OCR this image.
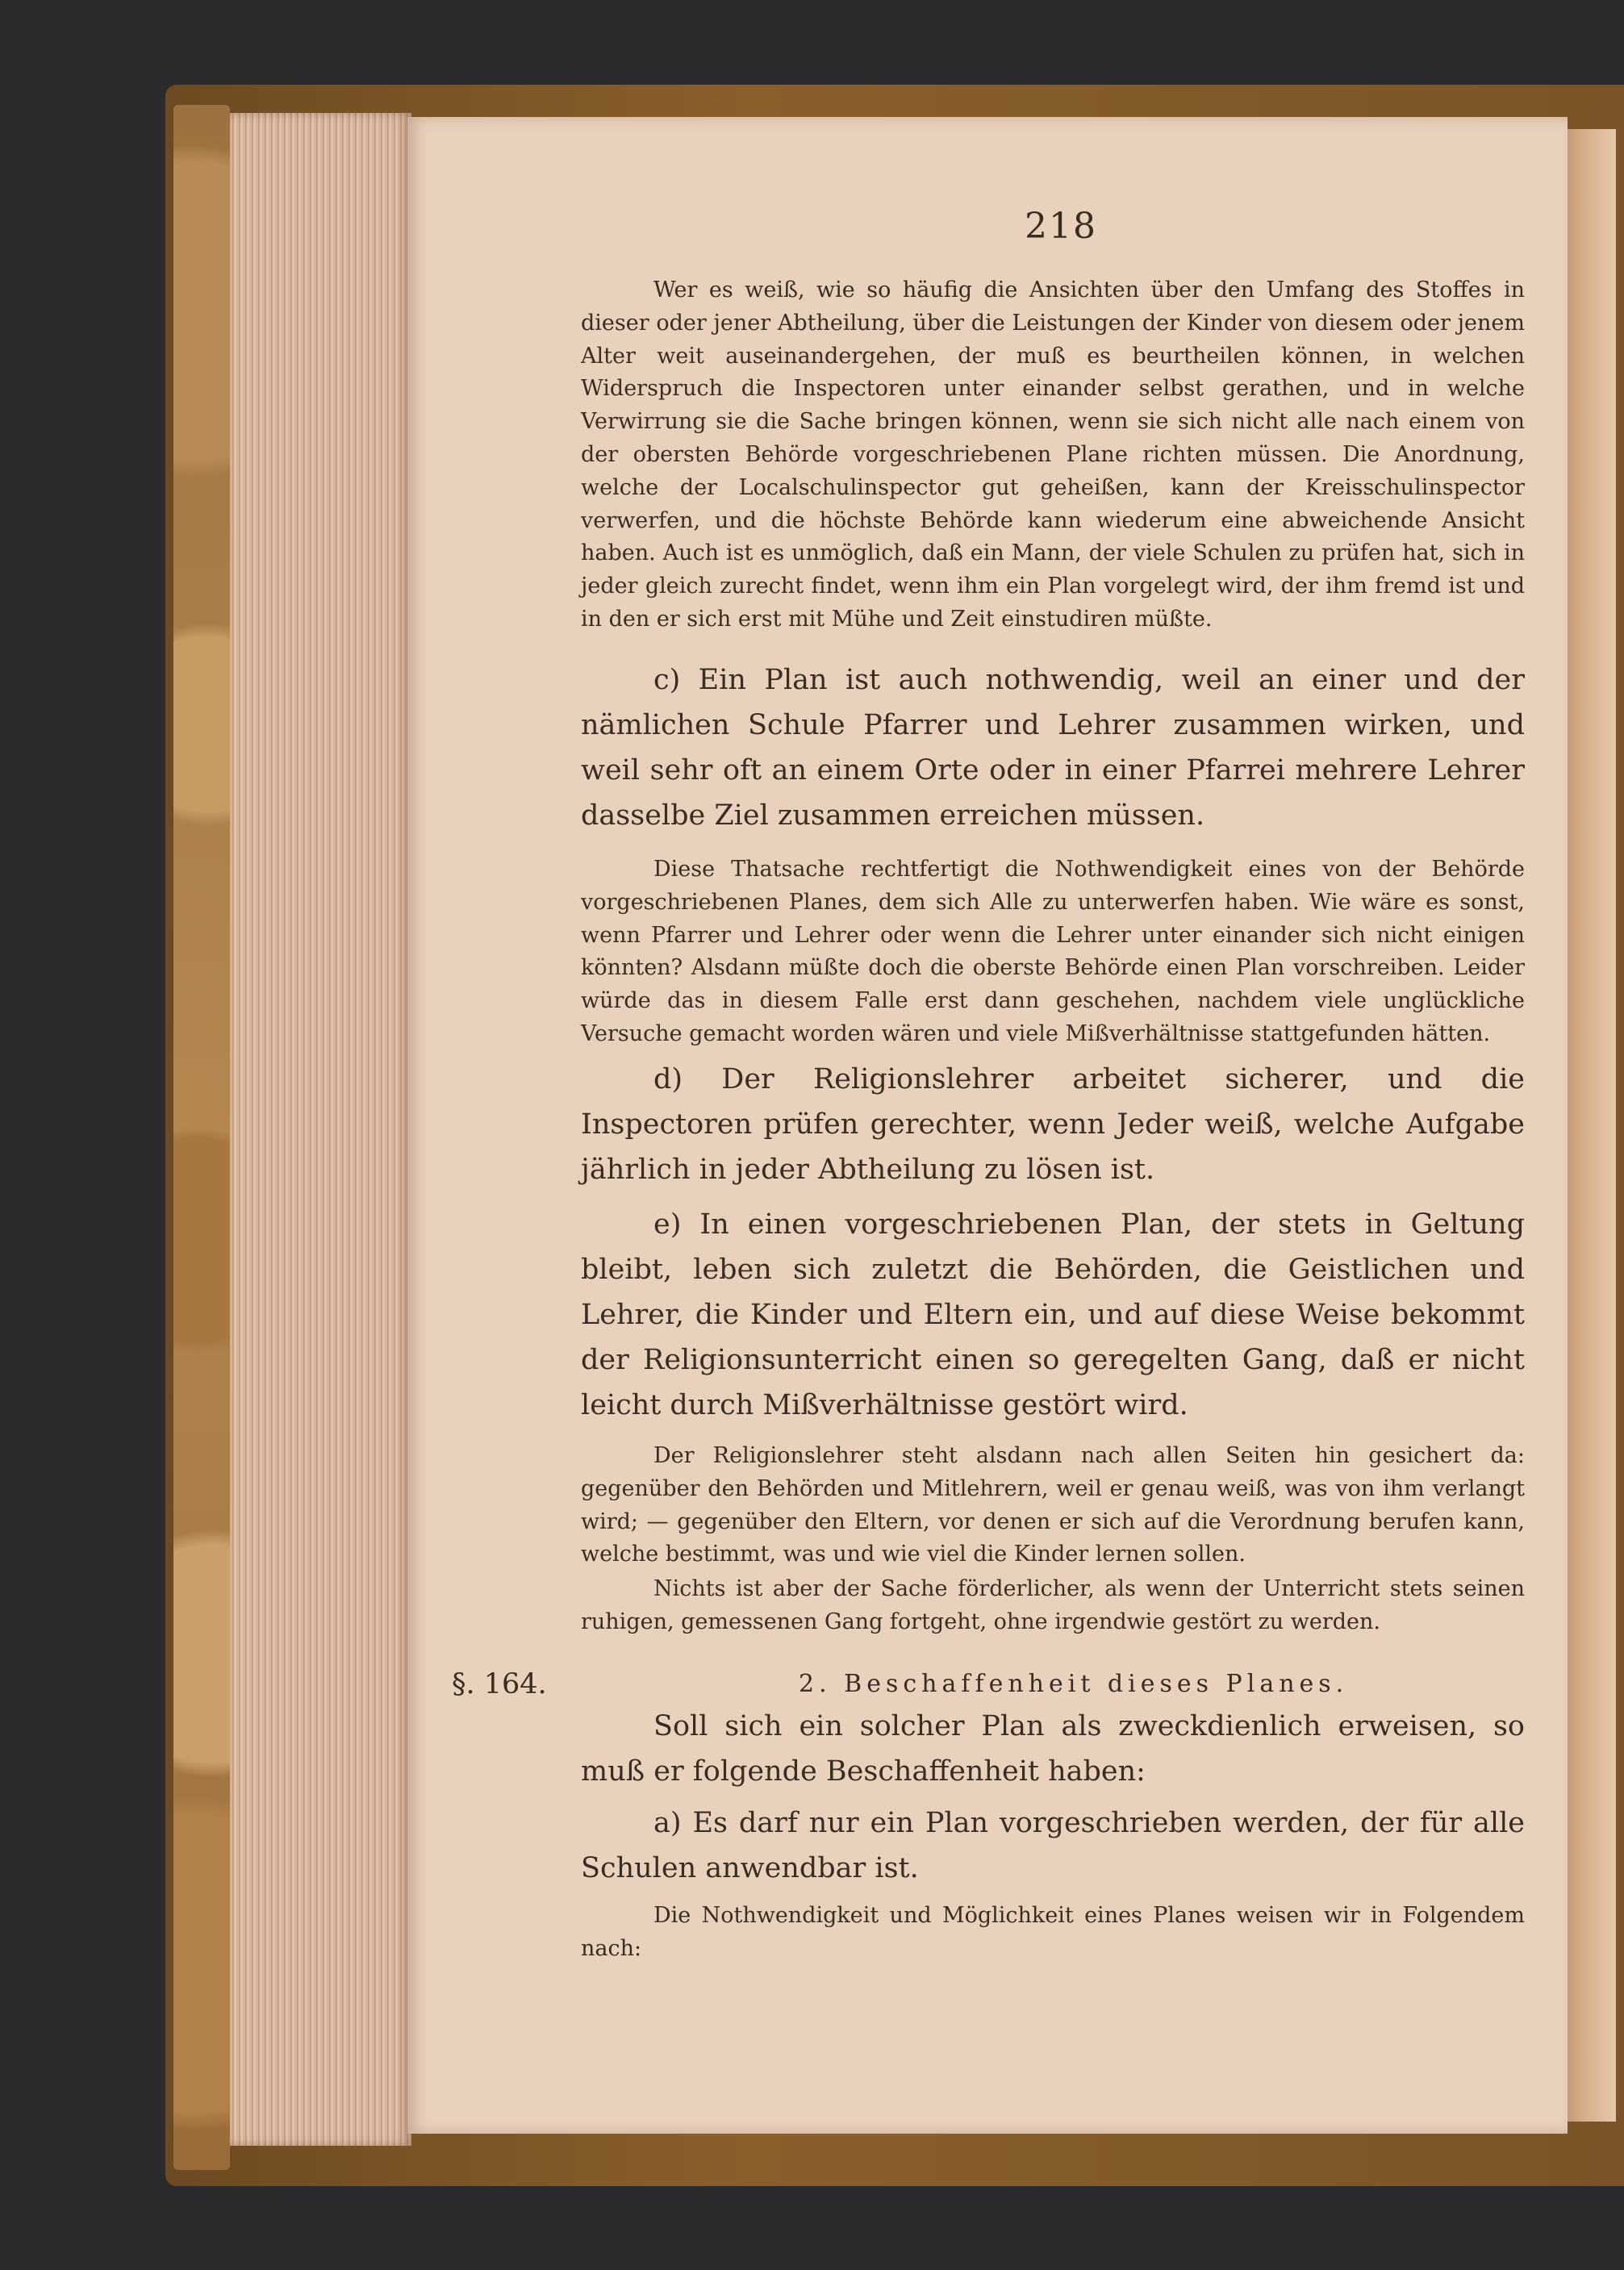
218

Wer es weiß, wie so häufig die Ansichten über den Umfang des Stoffes in dieser oder jener Abtheilung, über die Leistungen der Kinder von diesem oder jenem Alter weit auseinandergehen, der muß es beurtheilen können, in welchen Widerspruch die Inspectoren unter einander selbst gerathen, und in welche Verwirrung sie die Sache bringen können, wenn sie sich nicht alle nach einem von der obersten Behörde vorgeschriebenen Plane richten müssen. Die Anordnung, welche der Localschulinspector gut geheißen, kann der Kreisschulinspector verwerfen, und die höchste Behörde kann wiederum eine abweichende Ansicht haben. Auch ist es unmöglich, daß ein Mann, der viele Schulen zu prüfen hat, sich in jeder gleich zurecht findet, wenn ihm ein Plan vorgelegt wird, der ihm fremd ist und in den er sich erst mit Mühe und Zeit einstudiren müßte.

c) Ein Plan ist auch nothwendig, weil an einer und der nämlichen Schule Pfarrer und Lehrer zusammen wirken, und weil sehr oft an einem Orte oder in einer Pfarrei mehrere Lehrer dasselbe Ziel zusammen erreichen müssen.

Diese Thatsache rechtfertigt die Nothwendigkeit eines von der Behörde vorgeschriebenen Planes, dem sich Alle zu unterwerfen haben. Wie wäre es sonst, wenn Pfarrer und Lehrer oder wenn die Lehrer unter einander sich nicht einigen könnten? Alsdann müßte doch die oberste Behörde einen Plan vorschreiben. Leider würde das in diesem Falle erst dann geschehen, nachdem viele unglückliche Versuche gemacht worden wären und viele Mißverhältnisse stattgefunden hätten.

d) Der Religionslehrer arbeitet sicherer, und die Inspectoren prüfen gerechter, wenn Jeder weiß, welche Aufgabe jährlich in jeder Abtheilung zu lösen ist.

e) In einen vorgeschriebenen Plan, der stets in Geltung bleibt, leben sich zuletzt die Behörden, die Geistlichen und Lehrer, die Kinder und Eltern ein, und auf diese Weise bekommt der Religionsunterricht einen so geregelten Gang, daß er nicht leicht durch Mißverhältnisse gestört wird.

Der Religionslehrer steht alsdann nach allen Seiten hin gesichert da: gegenüber den Behörden und Mitlehrern, weil er genau weiß, was von ihm verlangt wird; — gegenüber den Eltern, vor denen er sich auf die Verordnung berufen kann, welche bestimmt, was und wie viel die Kinder lernen sollen.

Nichts ist aber der Sache förderlicher, als wenn der Unterricht stets seinen ruhigen, gemessenen Gang fortgeht, ohne irgendwie gestört zu werden.

§. 164.	2. Beschaffenheit dieses Planes.

Soll sich ein solcher Plan als zweckdienlich erweisen, so muß er folgende Beschaffenheit haben:

a) Es darf nur ein Plan vorgeschrieben werden, der für alle Schulen anwendbar ist.

Die Nothwendigkeit und Möglichkeit eines Planes weisen wir in Folgendem nach:
